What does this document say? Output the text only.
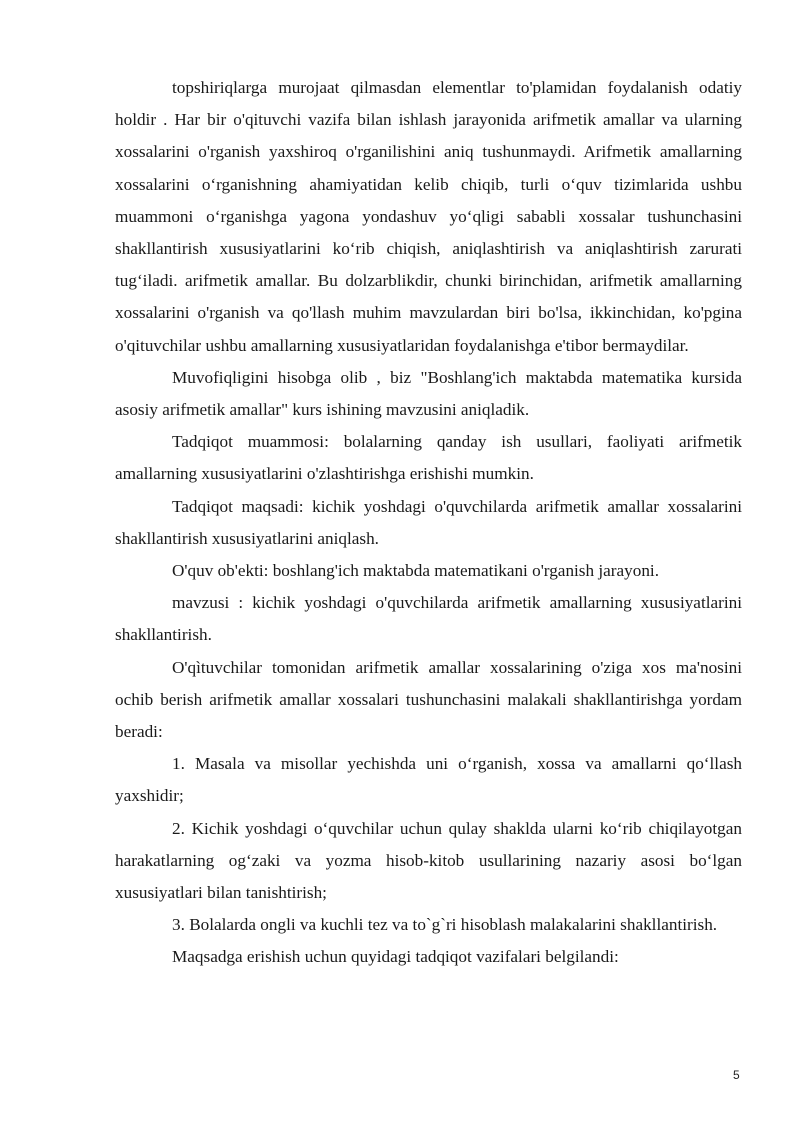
topshiriqlarga murojaat qilmasdan elementlar to'plamidan foydalanish odatiy holdir . Har bir o'qituvchi vazifa bilan ishlash jarayonida arifmetik amallar va ularning xossalarini o'rganish yaxshiroq o'rganilishini aniq tushunmaydi. Arifmetik amallarning xossalarini o‘rganishning ahamiyatidan kelib chiqib, turli o‘quv tizimlarida ushbu muammoni o‘rganishga yagona yondashuv yo‘qligi sababli xossalar tushunchasini shakllantirish xususiyatlarini ko‘rib chiqish, aniqlashtirish va aniqlashtirish zarurati tug‘iladi. arifmetik amallar. Bu dolzarblikdir, chunki birinchidan, arifmetik amallarning xossalarini o'rganish va qo'llash muhim mavzulardan biri bo'lsa, ikkinchidan, ko'pgina o'qituvchilar ushbu amallarning xususiyatlaridan foydalanishga e'tibor bermaydilar.

Muvofiqligini hisobga olib , biz "Boshlang'ich maktabda matematika kursida asosiy arifmetik amallar" kurs ishining mavzusini aniqladik.

Tadqiqot muammosi: bolalarning qanday ish usullari, faoliyati arifmetik amallarning xususiyatlarini o'zlashtirishga erishishi mumkin.

Tadqiqot maqsadi: kichik yoshdagi o'quvchilarda arifmetik amallar xossalarini shakllantirish xususiyatlarini aniqlash.

O'quv ob'ekti: boshlang'ich maktabda matematikani o'rganish jarayoni.

mavzusi : kichik yoshdagi o'quvchilarda arifmetik amallarning xususiyatlarini shakllantirish.

O'qìtuvchilar tomonidan arifmetik amallar xossalarining o'ziga xos ma'nosini ochib berish arifmetik amallar xossalari tushunchasini malakali shakllantirishga yordam beradi:

1. Masala va misollar yechishda uni o‘rganish, xossa va amallarni qo‘llash yaxshidir;

2. Kichik yoshdagi o‘quvchilar uchun qulay shaklda ularni ko‘rib chiqilayotgan harakatlarning og‘zaki va yozma hisob-kitob usullarining nazariy asosi bo‘lgan xususiyatlari bilan tanishtirish;

3. Bolalarda ongli va kuchli tez va to`g`ri hisoblash malakalarini shakllantirish.

Maqsadga erishish uchun quyidagi tadqiqot vazifalari belgilandi:

5
